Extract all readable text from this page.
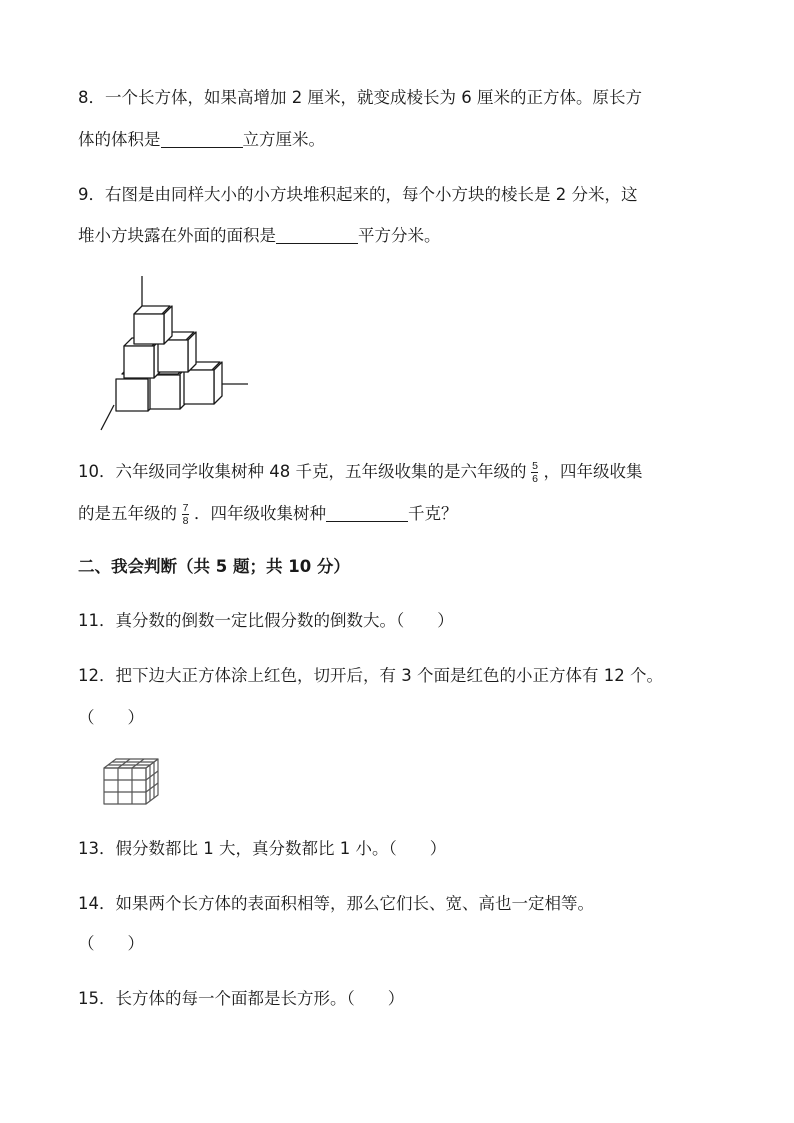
8．一个长方体，如果高增加 2 厘米，就变成棱长为 6 厘米的正方体。原长方
体的体积是	立方厘米。
9．右图是由同样大小的小方块堆积起来的，每个小方块的棱长是 2 分米，这
堆小方块露在外面的面积是	平方分米。
10．六年级同学收集树种 48 千克，五年级收集的是六年级的 $\frac{5}{6}$ ，四年级收集
的是五年级的 $\frac{7}{8}$ ．四年级收集树种	千克？
二、我会判断（共 5 题；共 10 分）
11．真分数的倒数一定比假分数的倒数大。（　　）
12．把下边大正方体涂上红色，切开后，有 3 个面是红色的小正方体有 12 个。
（　　）
13．假分数都比 1 大，真分数都比 1 小。（　　）
14．如果两个长方体的表面积相等，那么它们长、宽、高也一定相等。
（　　）
15．长方体的每一个面都是长方形。（　　）
